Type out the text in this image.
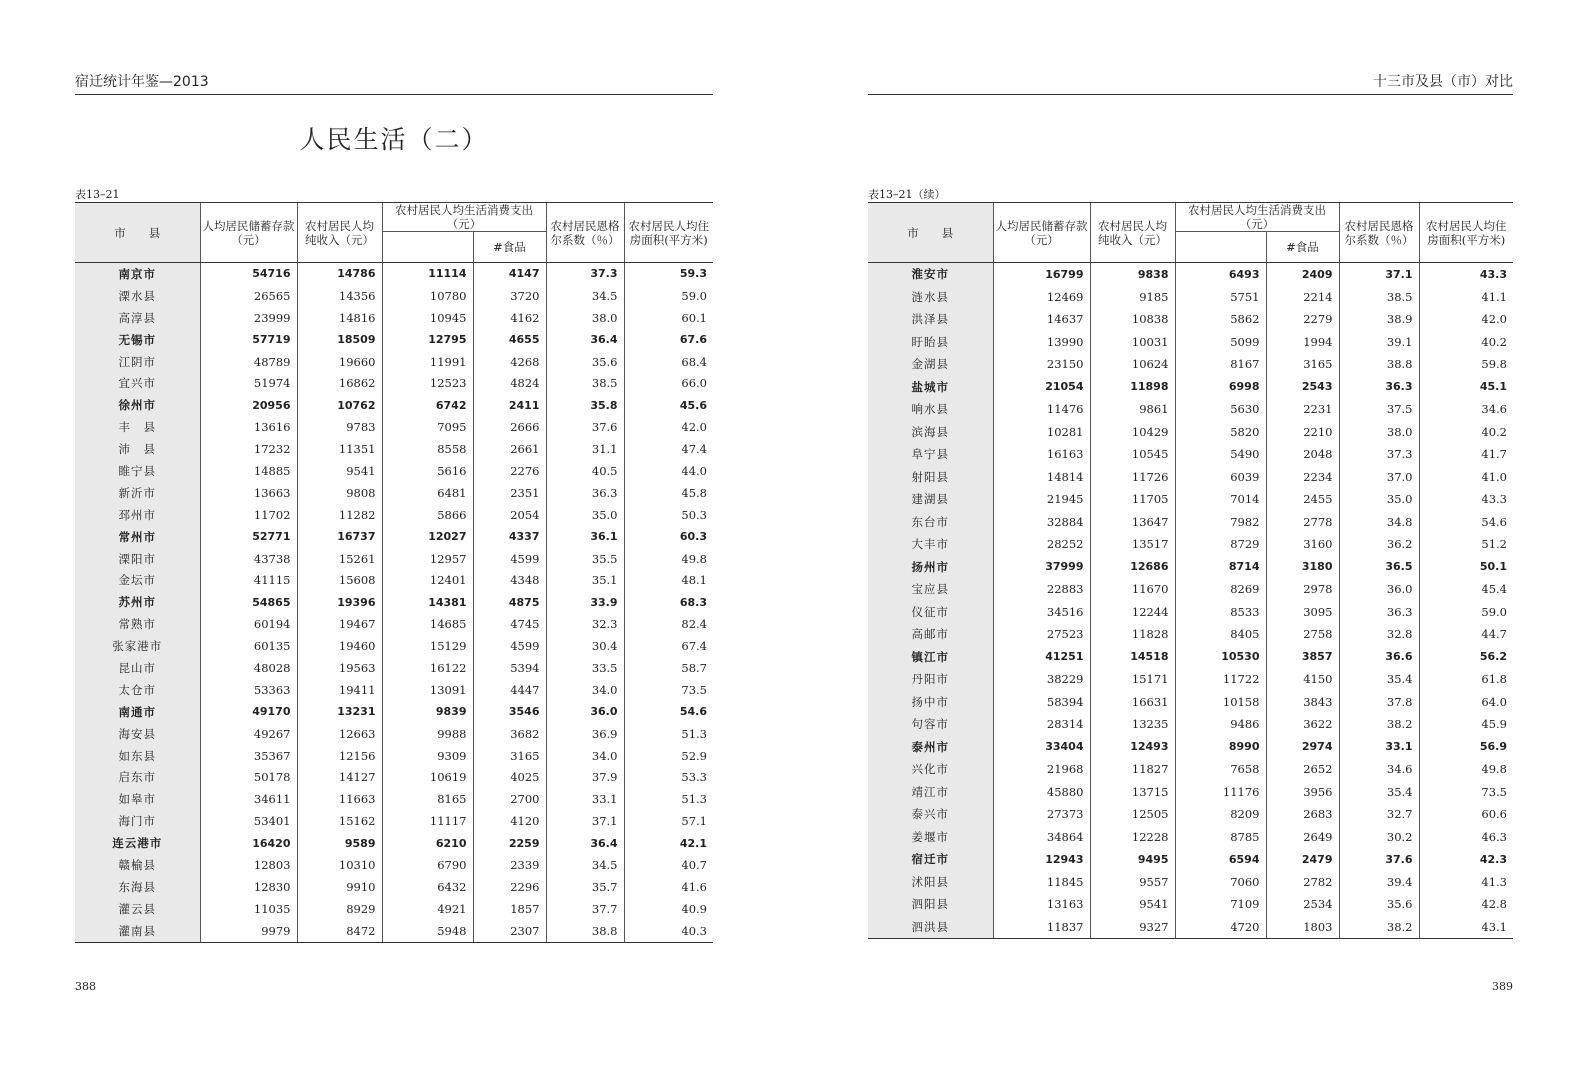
宿迁统计年鉴—2013
人民生活（二）
表13–21
市　　县	人均居民储蓄存款（元）	农村居民人均纯收入（元）	农村居民人均生活消费支出（元）		农村居民恩格尔系数（％）	农村居民人均住房面积(平方米)
				#食品		
南京市	54716	14786	11114	4147	37.3	59.3
溧水县	26565	14356	10780	3720	34.5	59.0
高淳县	23999	14816	10945	4162	38.0	60.1
无锡市	57719	18509	12795	4655	36.4	67.6
江阴市	48789	19660	11991	4268	35.6	68.4
宜兴市	51974	16862	12523	4824	38.5	66.0
徐州市	20956	10762	6742	2411	35.8	45.6
丰　县	13616	9783	7095	2666	37.6	42.0
沛　县	17232	11351	8558	2661	31.1	47.4
睢宁县	14885	9541	5616	2276	40.5	44.0
新沂市	13663	9808	6481	2351	36.3	45.8
邳州市	11702	11282	5866	2054	35.0	50.3
常州市	52771	16737	12027	4337	36.1	60.3
溧阳市	43738	15261	12957	4599	35.5	49.8
金坛市	41115	15608	12401	4348	35.1	48.1
苏州市	54865	19396	14381	4875	33.9	68.3
常熟市	60194	19467	14685	4745	32.3	82.4
张家港市	60135	19460	15129	4599	30.4	67.4
昆山市	48028	19563	16122	5394	33.5	58.7
太仓市	53363	19411	13091	4447	34.0	73.5
南通市	49170	13231	9839	3546	36.0	54.6
海安县	49267	12663	9988	3682	36.9	51.3
如东县	35367	12156	9309	3165	34.0	52.9
启东市	50178	14127	10619	4025	37.9	53.3
如皋市	34611	11663	8165	2700	33.1	51.3
海门市	53401	15162	11117	4120	37.1	57.1
连云港市	16420	9589	6210	2259	36.4	42.1
赣榆县	12803	10310	6790	2339	34.5	40.7
东海县	12830	9910	6432	2296	35.7	41.6
灌云县	11035	8929	4921	1857	37.7	40.9
灌南县	9979	8472	5948	2307	38.8	40.3
388
十三市及县（市）对比
表13–21（续）
市　　县	人均居民储蓄存款（元）	农村居民人均纯收入（元）	农村居民人均生活消费支出（元）		农村居民恩格尔系数（％）	农村居民人均住房面积(平方米)
				#食品		
淮安市	16799	9838	6493	2409	37.1	43.3
涟水县	12469	9185	5751	2214	38.5	41.1
洪泽县	14637	10838	5862	2279	38.9	42.0
盱眙县	13990	10031	5099	1994	39.1	40.2
金湖县	23150	10624	8167	3165	38.8	59.8
盐城市	21054	11898	6998	2543	36.3	45.1
响水县	11476	9861	5630	2231	37.5	34.6
滨海县	10281	10429	5820	2210	38.0	40.2
阜宁县	16163	10545	5490	2048	37.3	41.7
射阳县	14814	11726	6039	2234	37.0	41.0
建湖县	21945	11705	7014	2455	35.0	43.3
东台市	32884	13647	7982	2778	34.8	54.6
大丰市	28252	13517	8729	3160	36.2	51.2
扬州市	37999	12686	8714	3180	36.5	50.1
宝应县	22883	11670	8269	2978	36.0	45.4
仪征市	34516	12244	8533	3095	36.3	59.0
高邮市	27523	11828	8405	2758	32.8	44.7
镇江市	41251	14518	10530	3857	36.6	56.2
丹阳市	38229	15171	11722	4150	35.4	61.8
扬中市	58394	16631	10158	3843	37.8	64.0
句容市	28314	13235	9486	3622	38.2	45.9
泰州市	33404	12493	8990	2974	33.1	56.9
兴化市	21968	11827	7658	2652	34.6	49.8
靖江市	45880	13715	11176	3956	35.4	73.5
泰兴市	27373	12505	8209	2683	32.7	60.6
姜堰市	34864	12228	8785	2649	30.2	46.3
宿迁市	12943	9495	6594	2479	37.6	42.3
沭阳县	11845	9557	7060	2782	39.4	41.3
泗阳县	13163	9541	7109	2534	35.6	42.8
泗洪县	11837	9327	4720	1803	38.2	43.1
389
